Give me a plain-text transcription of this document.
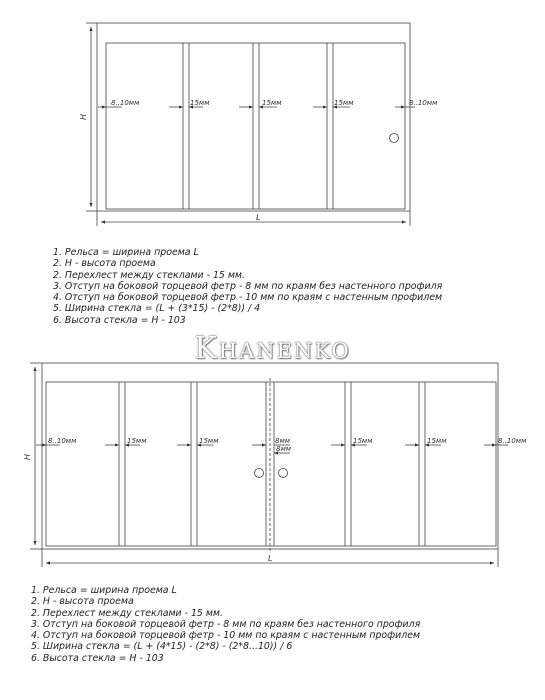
H
L
8..10мм	15мм	15мм	15мм	8..10мм
H
L
8..10мм	15мм	15мм	8мм
8мм
15мм	15мм	8..10мм
1. Рельса = ширина проема L
2. H - высота проема
2. Перехлест между стеклами - 15 мм.
3. Отступ на боковой торцевой фетр - 8 мм по краям без настенного профиля
4. Отступ на боковой торцевой фетр - 10 мм по краям с настенным профилем
5. Ширина стекла = (L + (3*15) - (2*8)) / 4
6. Высота стекла = H - 103
Khanenko
1. Рельса = ширина проема L
2. H - высота проема
2. Перехлест между стеклами - 15 мм.
3. Отступ на боковой торцевой фетр - 8 мм по краям без настенного профиля
4. Отступ на боковой торцевой фетр - 10 мм по краям с настенным профилем
5. Ширина стекла = (L + (4*15) - (2*8) - (2*8...10)) / 6
6. Высота стекла = H - 103
